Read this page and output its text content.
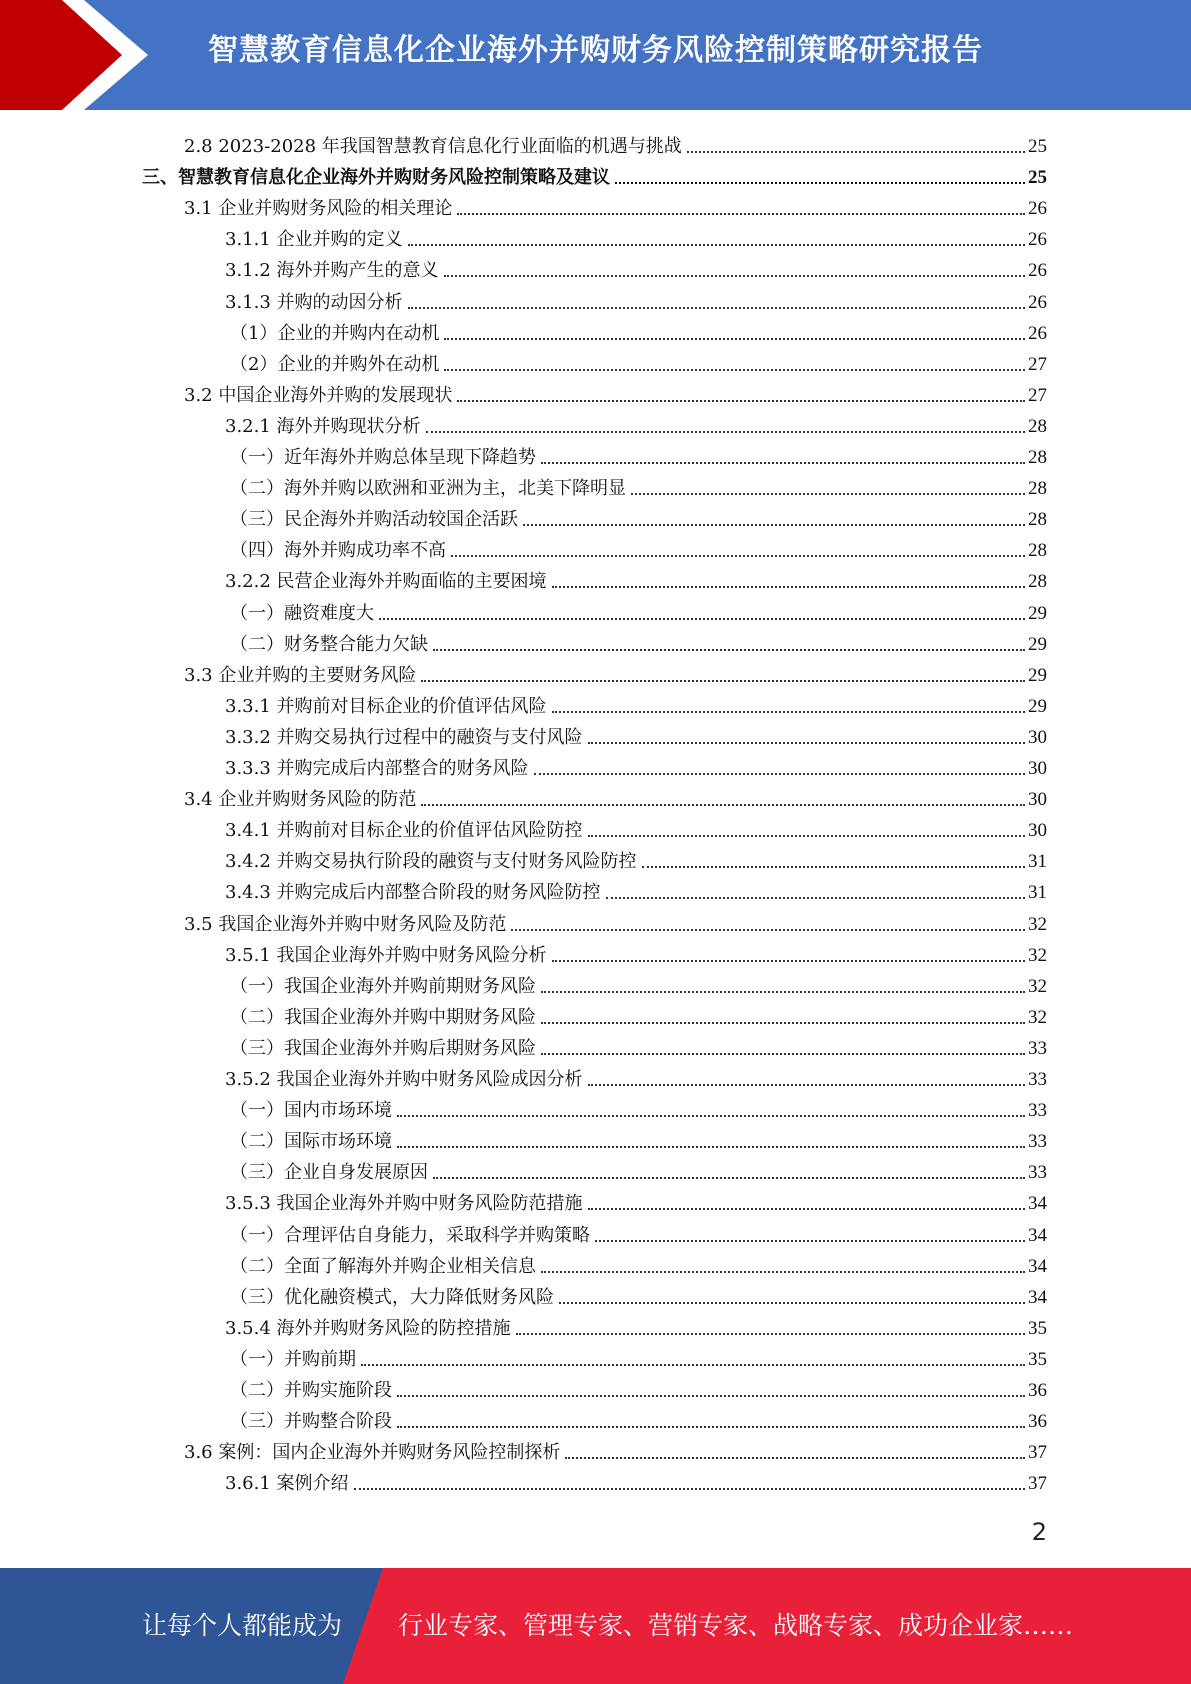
智慧教育信息化企业海外并购财务风险控制策略研究报告
2.8 2023-2028 年我国智慧教育信息化行业面临的机遇与挑战	25
三、智慧教育信息化企业海外并购财务风险控制策略及建议	25
3.1 企业并购财务风险的相关理论	26
3.1.1 企业并购的定义	26
3.1.2 海外并购产生的意义	26
3.1.3 并购的动因分析	26
（1）企业的并购内在动机	26
（2）企业的并购外在动机	27
3.2 中国企业海外并购的发展现状	27
3.2.1 海外并购现状分析	28
（一）近年海外并购总体呈现下降趋势	28
（二）海外并购以欧洲和亚洲为主，北美下降明显	28
（三）民企海外并购活动较国企活跃	28
（四）海外并购成功率不高	28
3.2.2 民营企业海外并购面临的主要困境	28
（一）融资难度大	29
（二）财务整合能力欠缺	29
3.3 企业并购的主要财务风险	29
3.3.1 并购前对目标企业的价值评估风险	29
3.3.2 并购交易执行过程中的融资与支付风险	30
3.3.3 并购完成后内部整合的财务风险	30
3.4 企业并购财务风险的防范	30
3.4.1 并购前对目标企业的价值评估风险防控	30
3.4.2 并购交易执行阶段的融资与支付财务风险防控	31
3.4.3 并购完成后内部整合阶段的财务风险防控	31
3.5 我国企业海外并购中财务风险及防范	32
3.5.1 我国企业海外并购中财务风险分析	32
（一）我国企业海外并购前期财务风险	32
（二）我国企业海外并购中期财务风险	32
（三）我国企业海外并购后期财务风险	33
3.5.2 我国企业海外并购中财务风险成因分析	33
（一）国内市场环境	33
（二）国际市场环境	33
（三）企业自身发展原因	33
3.5.3 我国企业海外并购中财务风险防范措施	34
（一）合理评估自身能力，采取科学并购策略	34
（二）全面了解海外并购企业相关信息	34
（三）优化融资模式，大力降低财务风险	34
3.5.4 海外并购财务风险的防控措施	35
（一）并购前期	35
（二）并购实施阶段	36
（三）并购整合阶段	36
3.6 案例：国内企业海外并购财务风险控制探析	37
3.6.1 案例介绍	37
2
让每个人都能成为 行业专家、管理专家、营销专家、战略专家、成功企业家……
